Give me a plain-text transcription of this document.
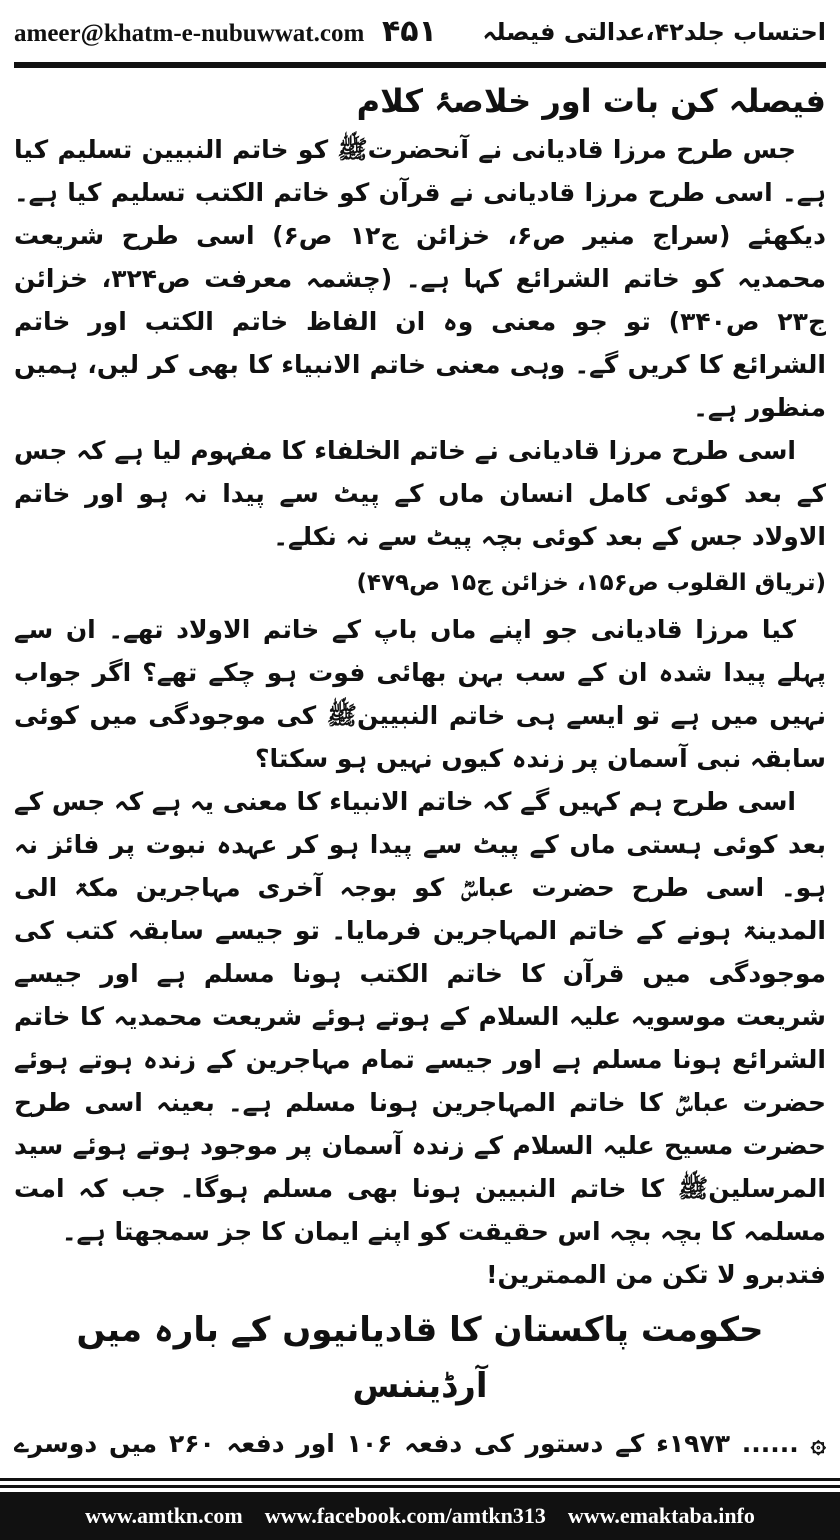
ameer@khatm-e-nubuwwat.com ۴۵۱ احتساب جلد۴۲،عدالتی فیصلہ
فیصلہ کن بات اور خلاصۂ کلام

جس طرح مرزا قادیانی نے آنحضرتﷺ کو خاتم النبیین تسلیم کیا ہے۔ اسی طرح مرزا قادیانی نے قرآن کو خاتم الکتب تسلیم کیا ہے۔ دیکھئے (سراج منیر ص۶، خزائن ج۱۲ ص۶) اسی طرح شریعت محمدیہ کو خاتم الشرائع کہا ہے۔ (چشمہ معرفت ص۳۲۴، خزائن ج۲۳ ص۳۴۰) تو جو معنی وہ ان الفاظ خاتم الکتب اور خاتم الشرائع کا کریں گے۔ وہی معنی خاتم الانبیاء کا بھی کر لیں، ہمیں منظور ہے۔

اسی طرح مرزا قادیانی نے خاتم الخلفاء کا مفہوم لیا ہے کہ جس کے بعد کوئی کامل انسان ماں کے پیٹ سے پیدا نہ ہو اور خاتم الاولاد جس کے بعد کوئی بچہ پیٹ سے نہ نکلے۔

(تریاق القلوب ص۱۵۶، خزائن ج۱۵ ص۴۷۹)

کیا مرزا قادیانی جو اپنے ماں باپ کے خاتم الاولاد تھے۔ ان سے پہلے پیدا شدہ ان کے سب بہن بھائی فوت ہو چکے تھے؟ اگر جواب نہیں میں ہے تو ایسے ہی خاتم النبیینﷺ کی موجودگی میں کوئی سابقہ نبی آسمان پر زندہ کیوں نہیں ہو سکتا؟

اسی طرح ہم کہیں گے کہ خاتم الانبیاء کا معنی یہ ہے کہ جس کے بعد کوئی ہستی ماں کے پیٹ سے پیدا ہو کر عہدہ نبوت پر فائز نہ ہو۔ اسی طرح حضرت عباسؓ کو بوجہ آخری مہاجرین مکۃ الی المدینۃ ہونے کے خاتم المہاجرین فرمایا۔ تو جیسے سابقہ کتب کی موجودگی میں قرآن کا خاتم الکتب ہونا مسلم ہے اور جیسے شریعت موسویہ علیہ السلام کے ہوتے ہوئے شریعت محمدیہ کا خاتم الشرائع ہونا مسلم ہے اور جیسے تمام مہاجرین کے زندہ ہوتے ہوئے حضرت عباسؓ کا خاتم المہاجرین ہونا مسلم ہے۔ بعینہ اسی طرح حضرت مسیح علیہ السلام کے زندہ آسمان پر موجود ہوتے ہوئے سید المرسلینﷺ کا خاتم النبیین ہونا بھی مسلم ہوگا۔ جب کہ امت مسلمہ کا بچہ بچہ اس حقیقت کو اپنے ایمان کا جز سمجھتا ہے۔

فتدبرو لا تکن من الممترین!

حکومت پاکستان کا قادیانیوں کے بارہ میں آرڈیننس

۞...... ۱۹۷۳ء کے دستور کی دفعہ ۱۰۶ اور دفعہ ۲۶۰ میں دوسرے

www.amtkn.com www.facebook.com/amtkn313 www.emaktaba.info
